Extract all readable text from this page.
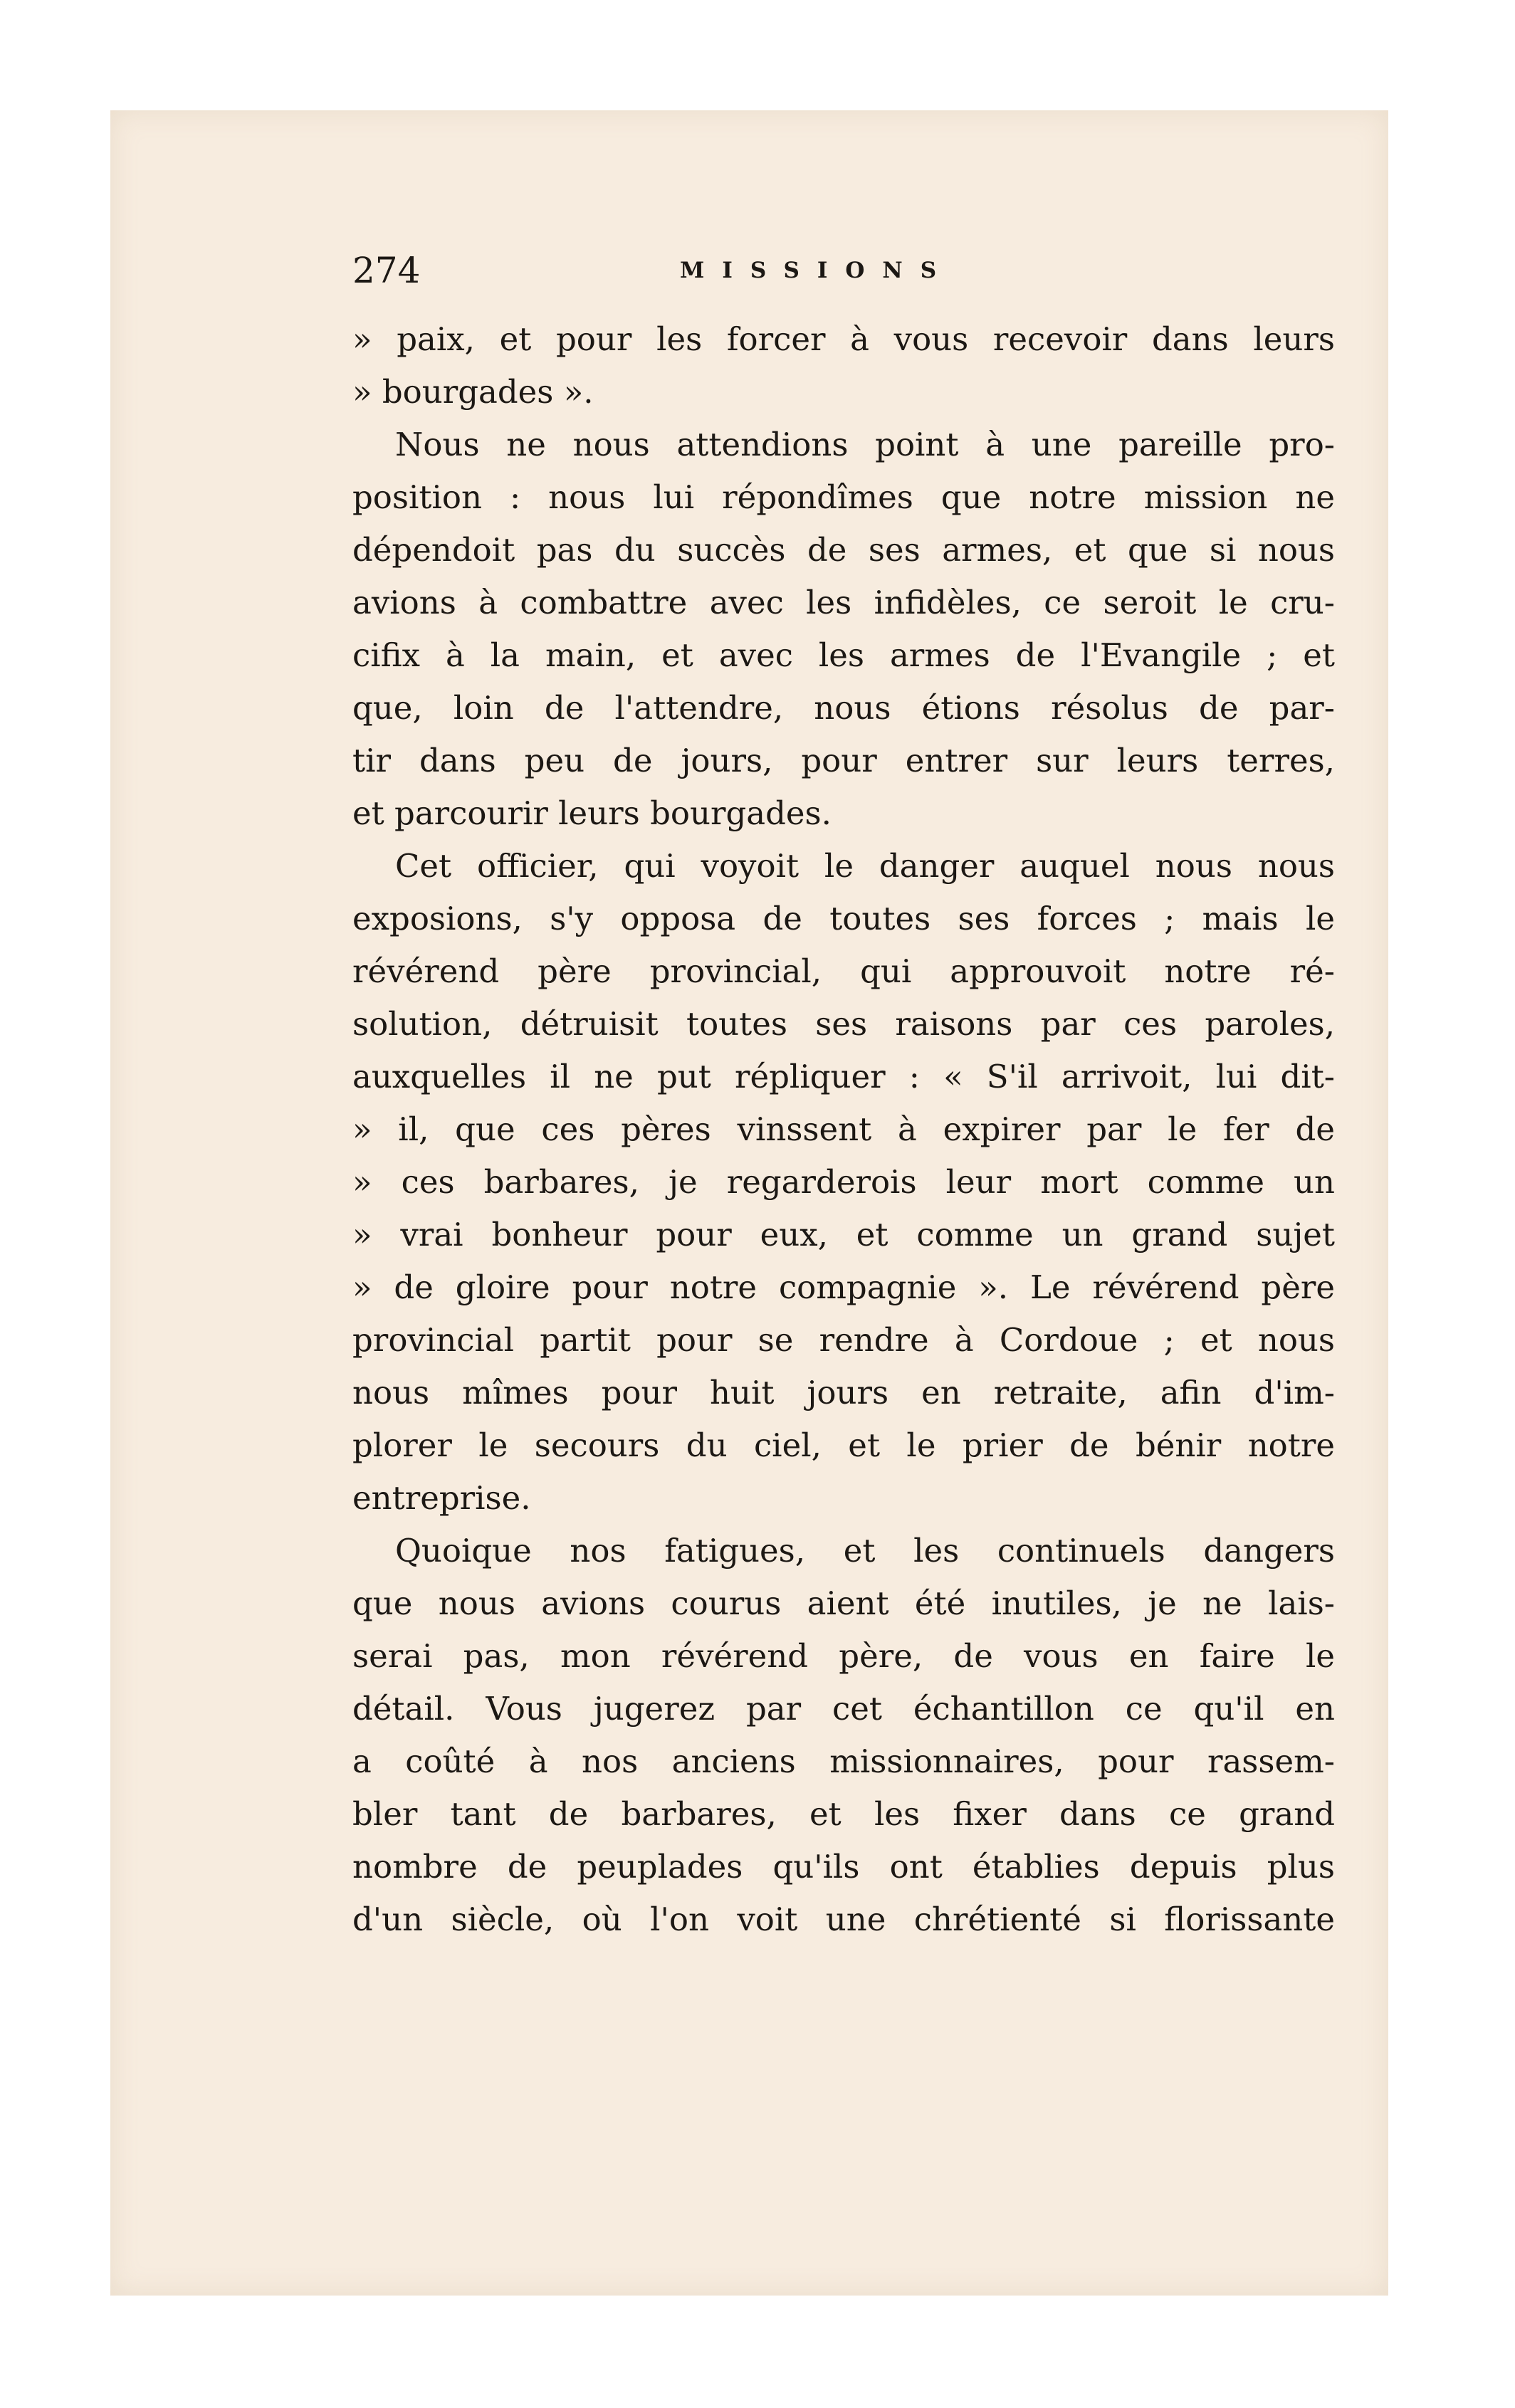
274	MISSIONS
» paix, et pour les forcer à vous recevoir dans leurs
» bourgades ».
Nous ne nous attendions point à une pareille pro-
position : nous lui répondîmes que notre mission ne
dépendoit pas du succès de ses armes, et que si nous
avions à combattre avec les infidèles, ce seroit le cru-
cifix à la main, et avec les armes de l'Evangile ; et
que, loin de l'attendre, nous étions résolus de par-
tir dans peu de jours, pour entrer sur leurs terres,
et parcourir leurs bourgades.
Cet officier, qui voyoit le danger auquel nous nous
exposions, s'y opposa de toutes ses forces ; mais le
révérend père provincial, qui approuvoit notre ré-
solution, détruisit toutes ses raisons par ces paroles,
auxquelles il ne put répliquer : « S'il arrivoit, lui dit-
» il, que ces pères vinssent à expirer par le fer de
» ces barbares, je regarderois leur mort comme un
» vrai bonheur pour eux, et comme un grand sujet
» de gloire pour notre compagnie ». Le révérend père
provincial partit pour se rendre à Cordoue ; et nous
nous mîmes pour huit jours en retraite, afin d'im-
plorer le secours du ciel, et le prier de bénir notre
entreprise.
Quoique nos fatigues, et les continuels dangers
que nous avions courus aient été inutiles, je ne lais-
serai pas, mon révérend père, de vous en faire le
détail. Vous jugerez par cet échantillon ce qu'il en
a coûté à nos anciens missionnaires, pour rassem-
bler tant de barbares, et les fixer dans ce grand
nombre de peuplades qu'ils ont établies depuis plus
d'un siècle, où l'on voit une chrétienté si florissante
